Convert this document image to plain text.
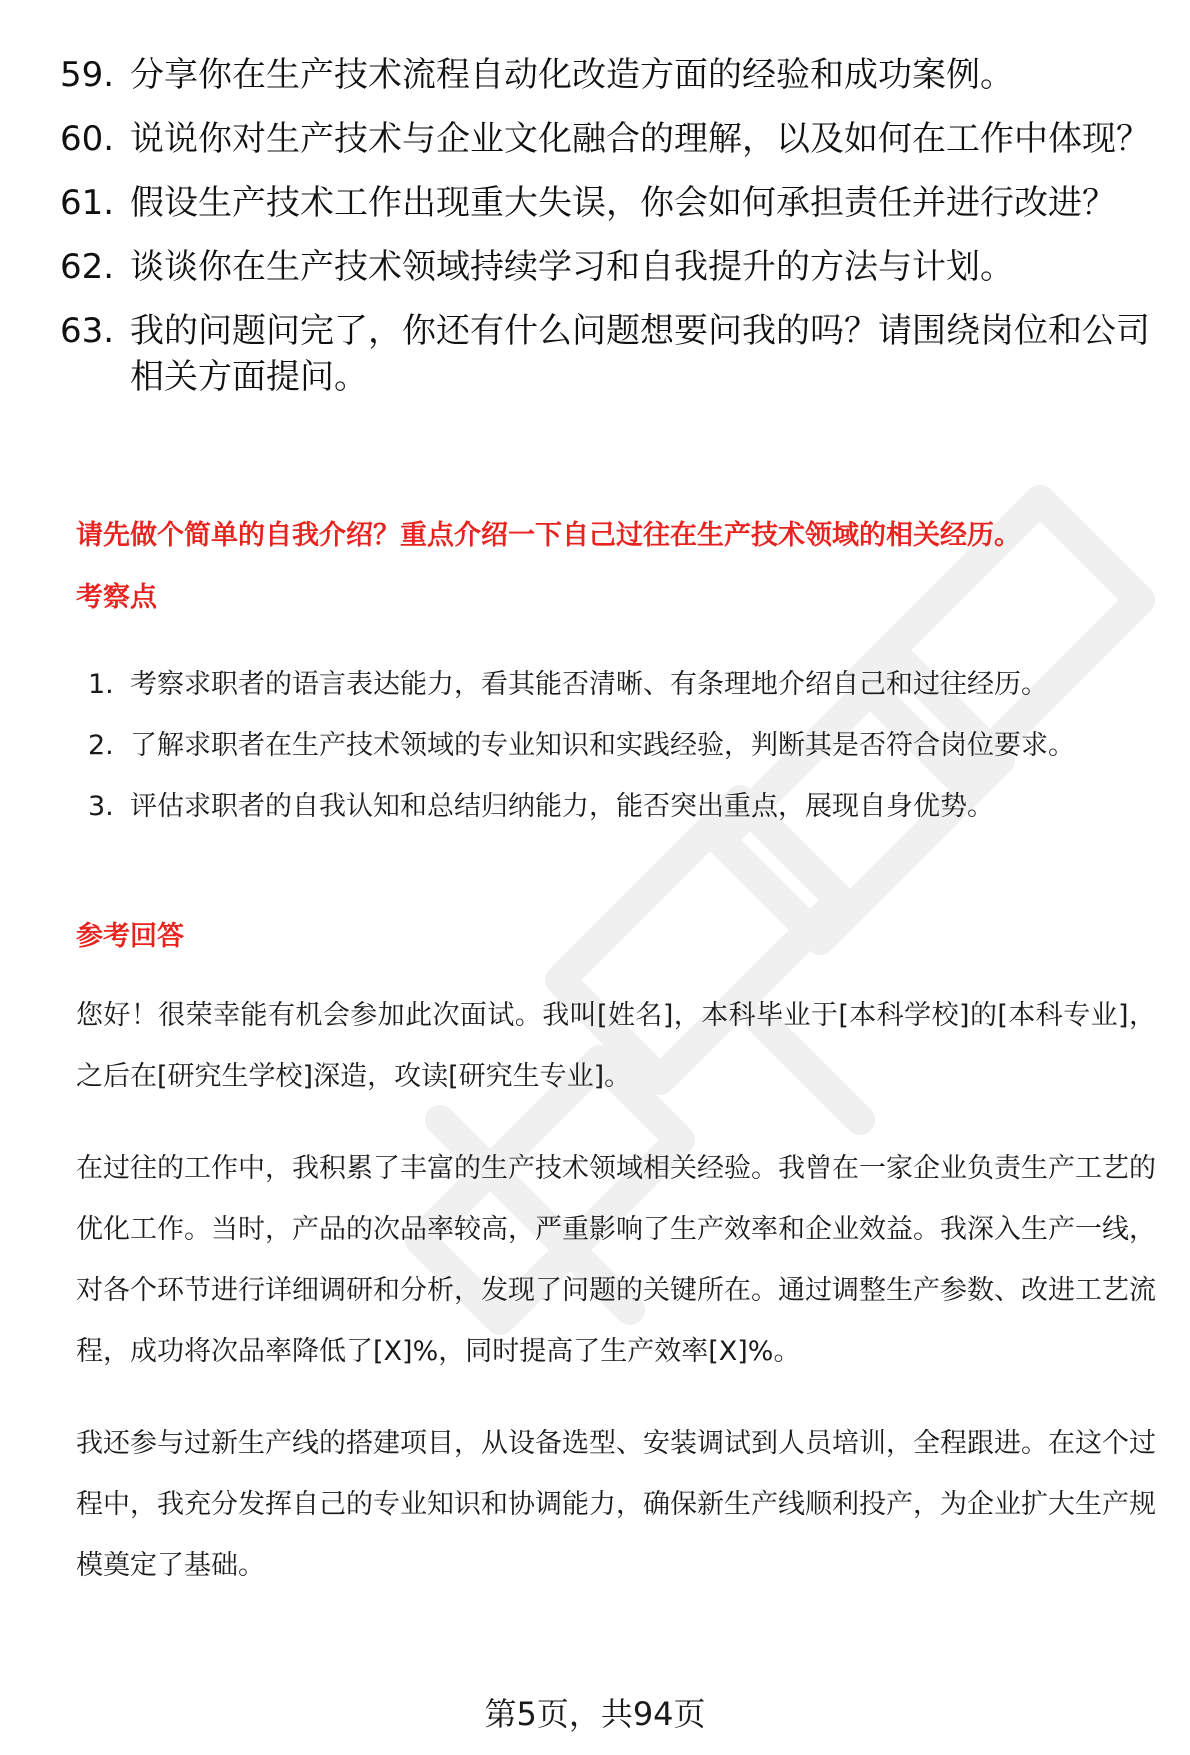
59. 分享你在生产技术流程自动化改造方面的经验和成功案例。
60. 说说你对生产技术与企业文化融合的理解，以及如何在工作中体现？
61. 假设生产技术工作出现重大失误，你会如何承担责任并进行改进？
62. 谈谈你在生产技术领域持续学习和自我提升的方法与计划。
63. 我的问题问完了，你还有什么问题想要问我的吗？请围绕岗位和公司相关方面提问。
请先做个简单的自我介绍？重点介绍一下自己过往在生产技术领域的相关经历。
考察点
1. 考察求职者的语言表达能力，看其能否清晰、有条理地介绍自己和过往经历。
2. 了解求职者在生产技术领域的专业知识和实践经验，判断其是否符合岗位要求。
3. 评估求职者的自我认知和总结归纳能力，能否突出重点，展现自身优势。
参考回答

您好！很荣幸能有机会参加此次面试。我叫[姓名]，本科毕业于[本科学校]的[本科专业]，之后在[研究生学校]深造，攻读[研究生专业]。

在过往的工作中，我积累了丰富的生产技术领域相关经验。我曾在一家企业负责生产工艺的优化工作。当时，产品的次品率较高，严重影响了生产效率和企业效益。我深入生产一线，对各个环节进行详细调研和分析，发现了问题的关键所在。通过调整生产参数、改进工艺流程，成功将次品率降低了[X]%，同时提高了生产效率[X]%。

我还参与过新生产线的搭建项目，从设备选型、安装调试到人员培训，全程跟进。在这个过程中，我充分发挥自己的专业知识和协调能力，确保新生产线顺利投产，为企业扩大生产规模奠定了基础。

第5页，共94页
